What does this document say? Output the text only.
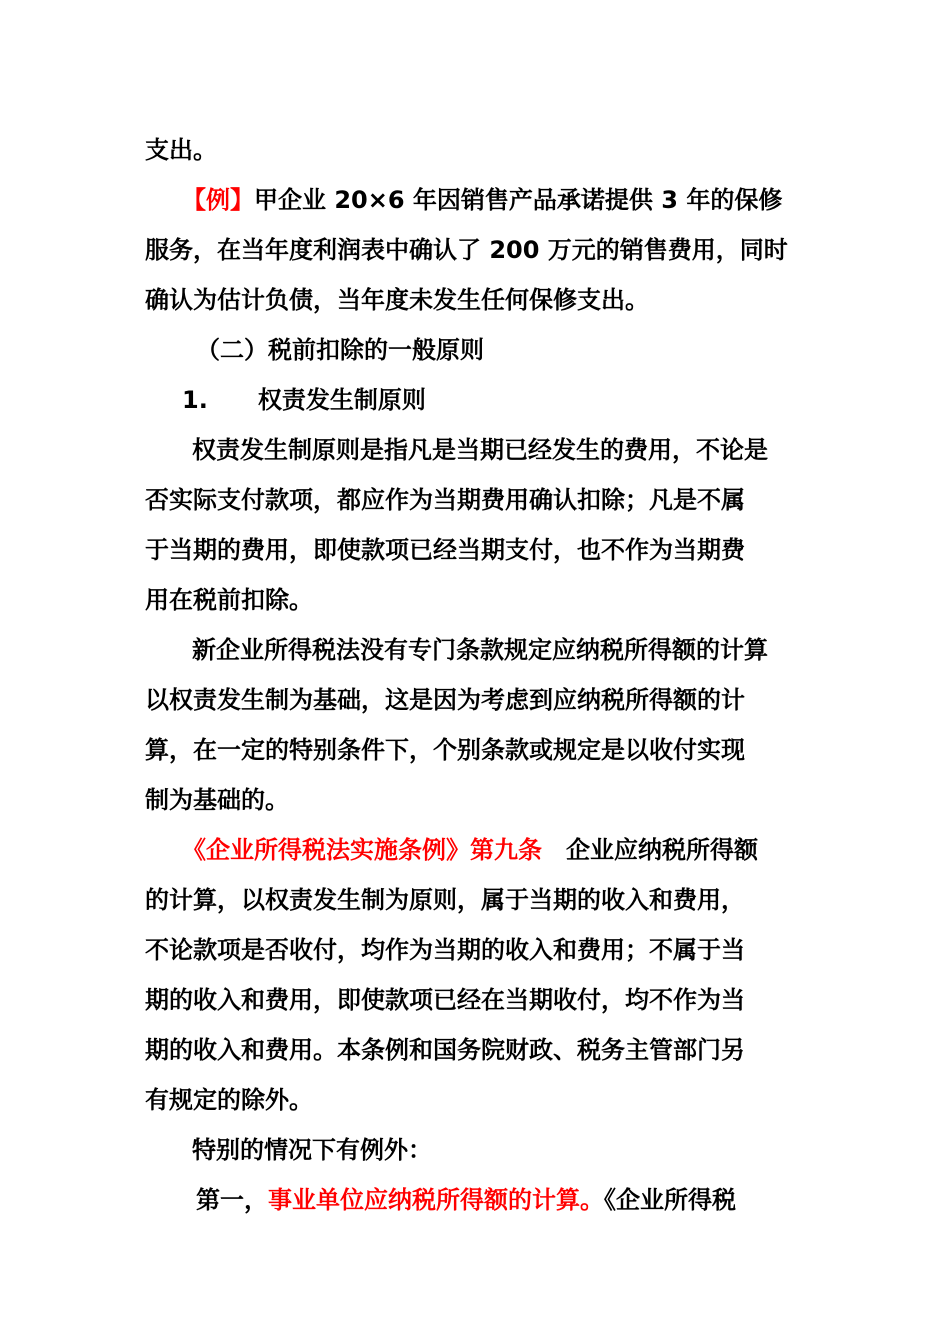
支出。
【例】甲企业 20×6 年因销售产品承诺提供 3 年的保修
服务，在当年度利润表中确认了 200 万元的销售费用，同时
确认为估计负债，当年度未发生任何保修支出。
（二）税前扣除的一般原则
1. 权责发生制原则
权责发生制原则是指凡是当期已经发生的费用，不论是
否实际支付款项，都应作为当期费用确认扣除；凡是不属
于当期的费用，即使款项已经当期支付，也不作为当期费
用在税前扣除。
新企业所得税法没有专门条款规定应纳税所得额的计算
以权责发生制为基础，这是因为考虑到应纳税所得额的计
算，在一定的特别条件下，个别条款或规定是以收付实现
制为基础的。
《企业所得税法实施条例》第九条 企业应纳税所得额
的计算，以权责发生制为原则，属于当期的收入和费用，
不论款项是否收付，均作为当期的收入和费用；不属于当
期的收入和费用，即使款项已经在当期收付，均不作为当
期的收入和费用。本条例和国务院财政、税务主管部门另
有规定的除外。
特别的情况下有例外：
第一，事业单位应纳税所得额的计算。《企业所得税
